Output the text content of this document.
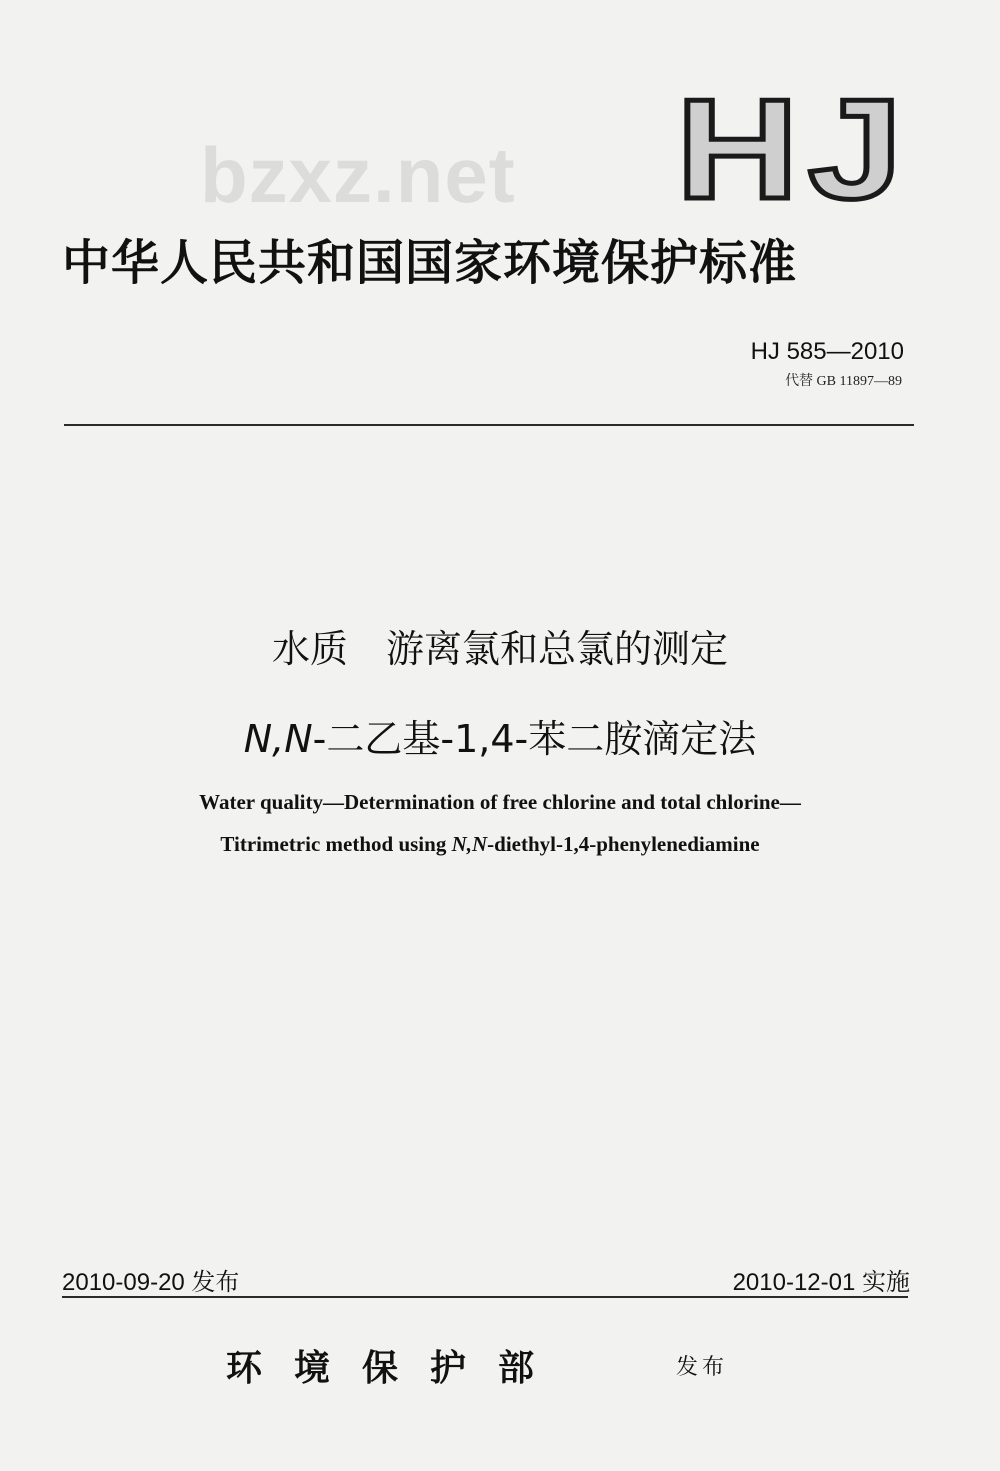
bzxz.net HJ
中华人民共和国国家环境保护标准
HJ 585—2010
代替 GB 11897—89
水质　游离氯和总氯的测定
N,N-二乙基-1,4-苯二胺滴定法
Water quality—Determination of free chlorine and total chlorine—
Titrimetric method using N,N-diethyl-1,4-phenylenediamine
2010-09-20 发布	2010-12-01 实施
环境保护部	发布
